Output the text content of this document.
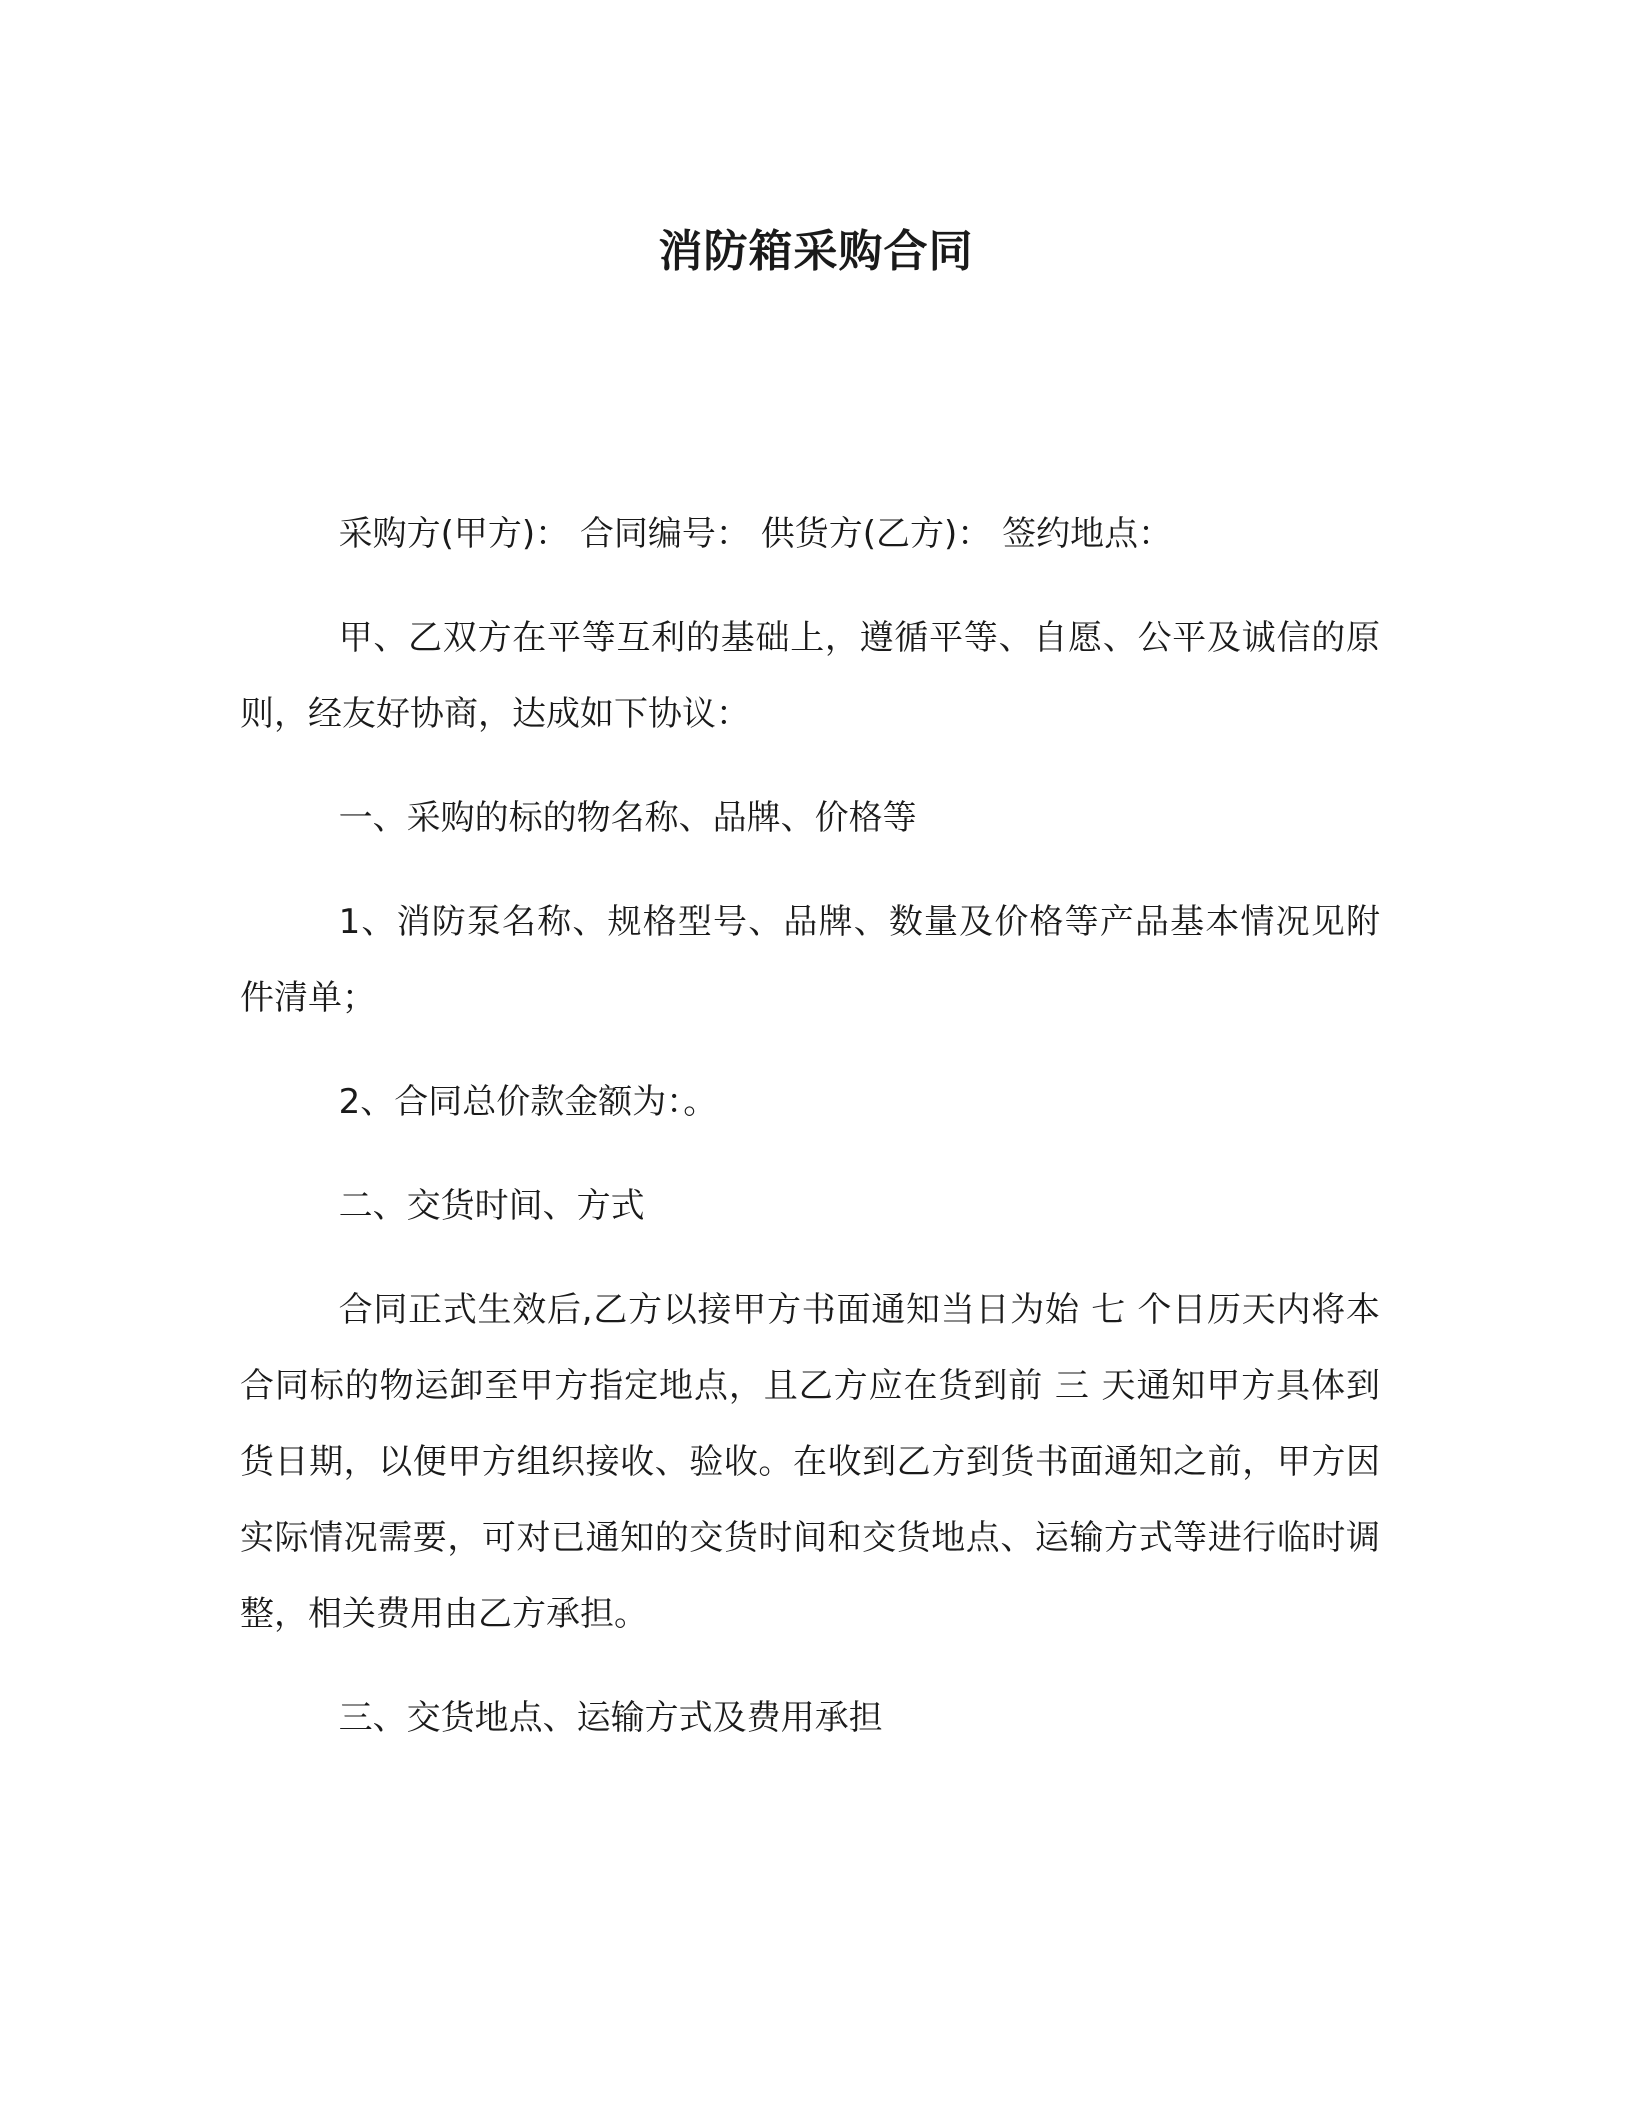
消防箱采购合同

采购方(甲方)： 合同编号： 供货方(乙方)： 签约地点：

甲、乙双方在平等互利的基础上，遵循平等、自愿、公平及诚信的原则，经友好协商，达成如下协议：

一、采购的标的物名称、品牌、价格等

1、消防泵名称、规格型号、品牌、数量及价格等产品基本情况见附件清单；

2、合同总价款金额为：。

二、交货时间、方式

合同正式生效后,乙方以接甲方书面通知当日为始 七 个日历天内将本合同标的物运卸至甲方指定地点，且乙方应在货到前 三 天通知甲方具体到货日期，以便甲方组织接收、验收。在收到乙方到货书面通知之前，甲方因实际情况需要，可对已通知的交货时间和交货地点、运输方式等进行临时调整，相关费用由乙方承担。

三、交货地点、运输方式及费用承担
